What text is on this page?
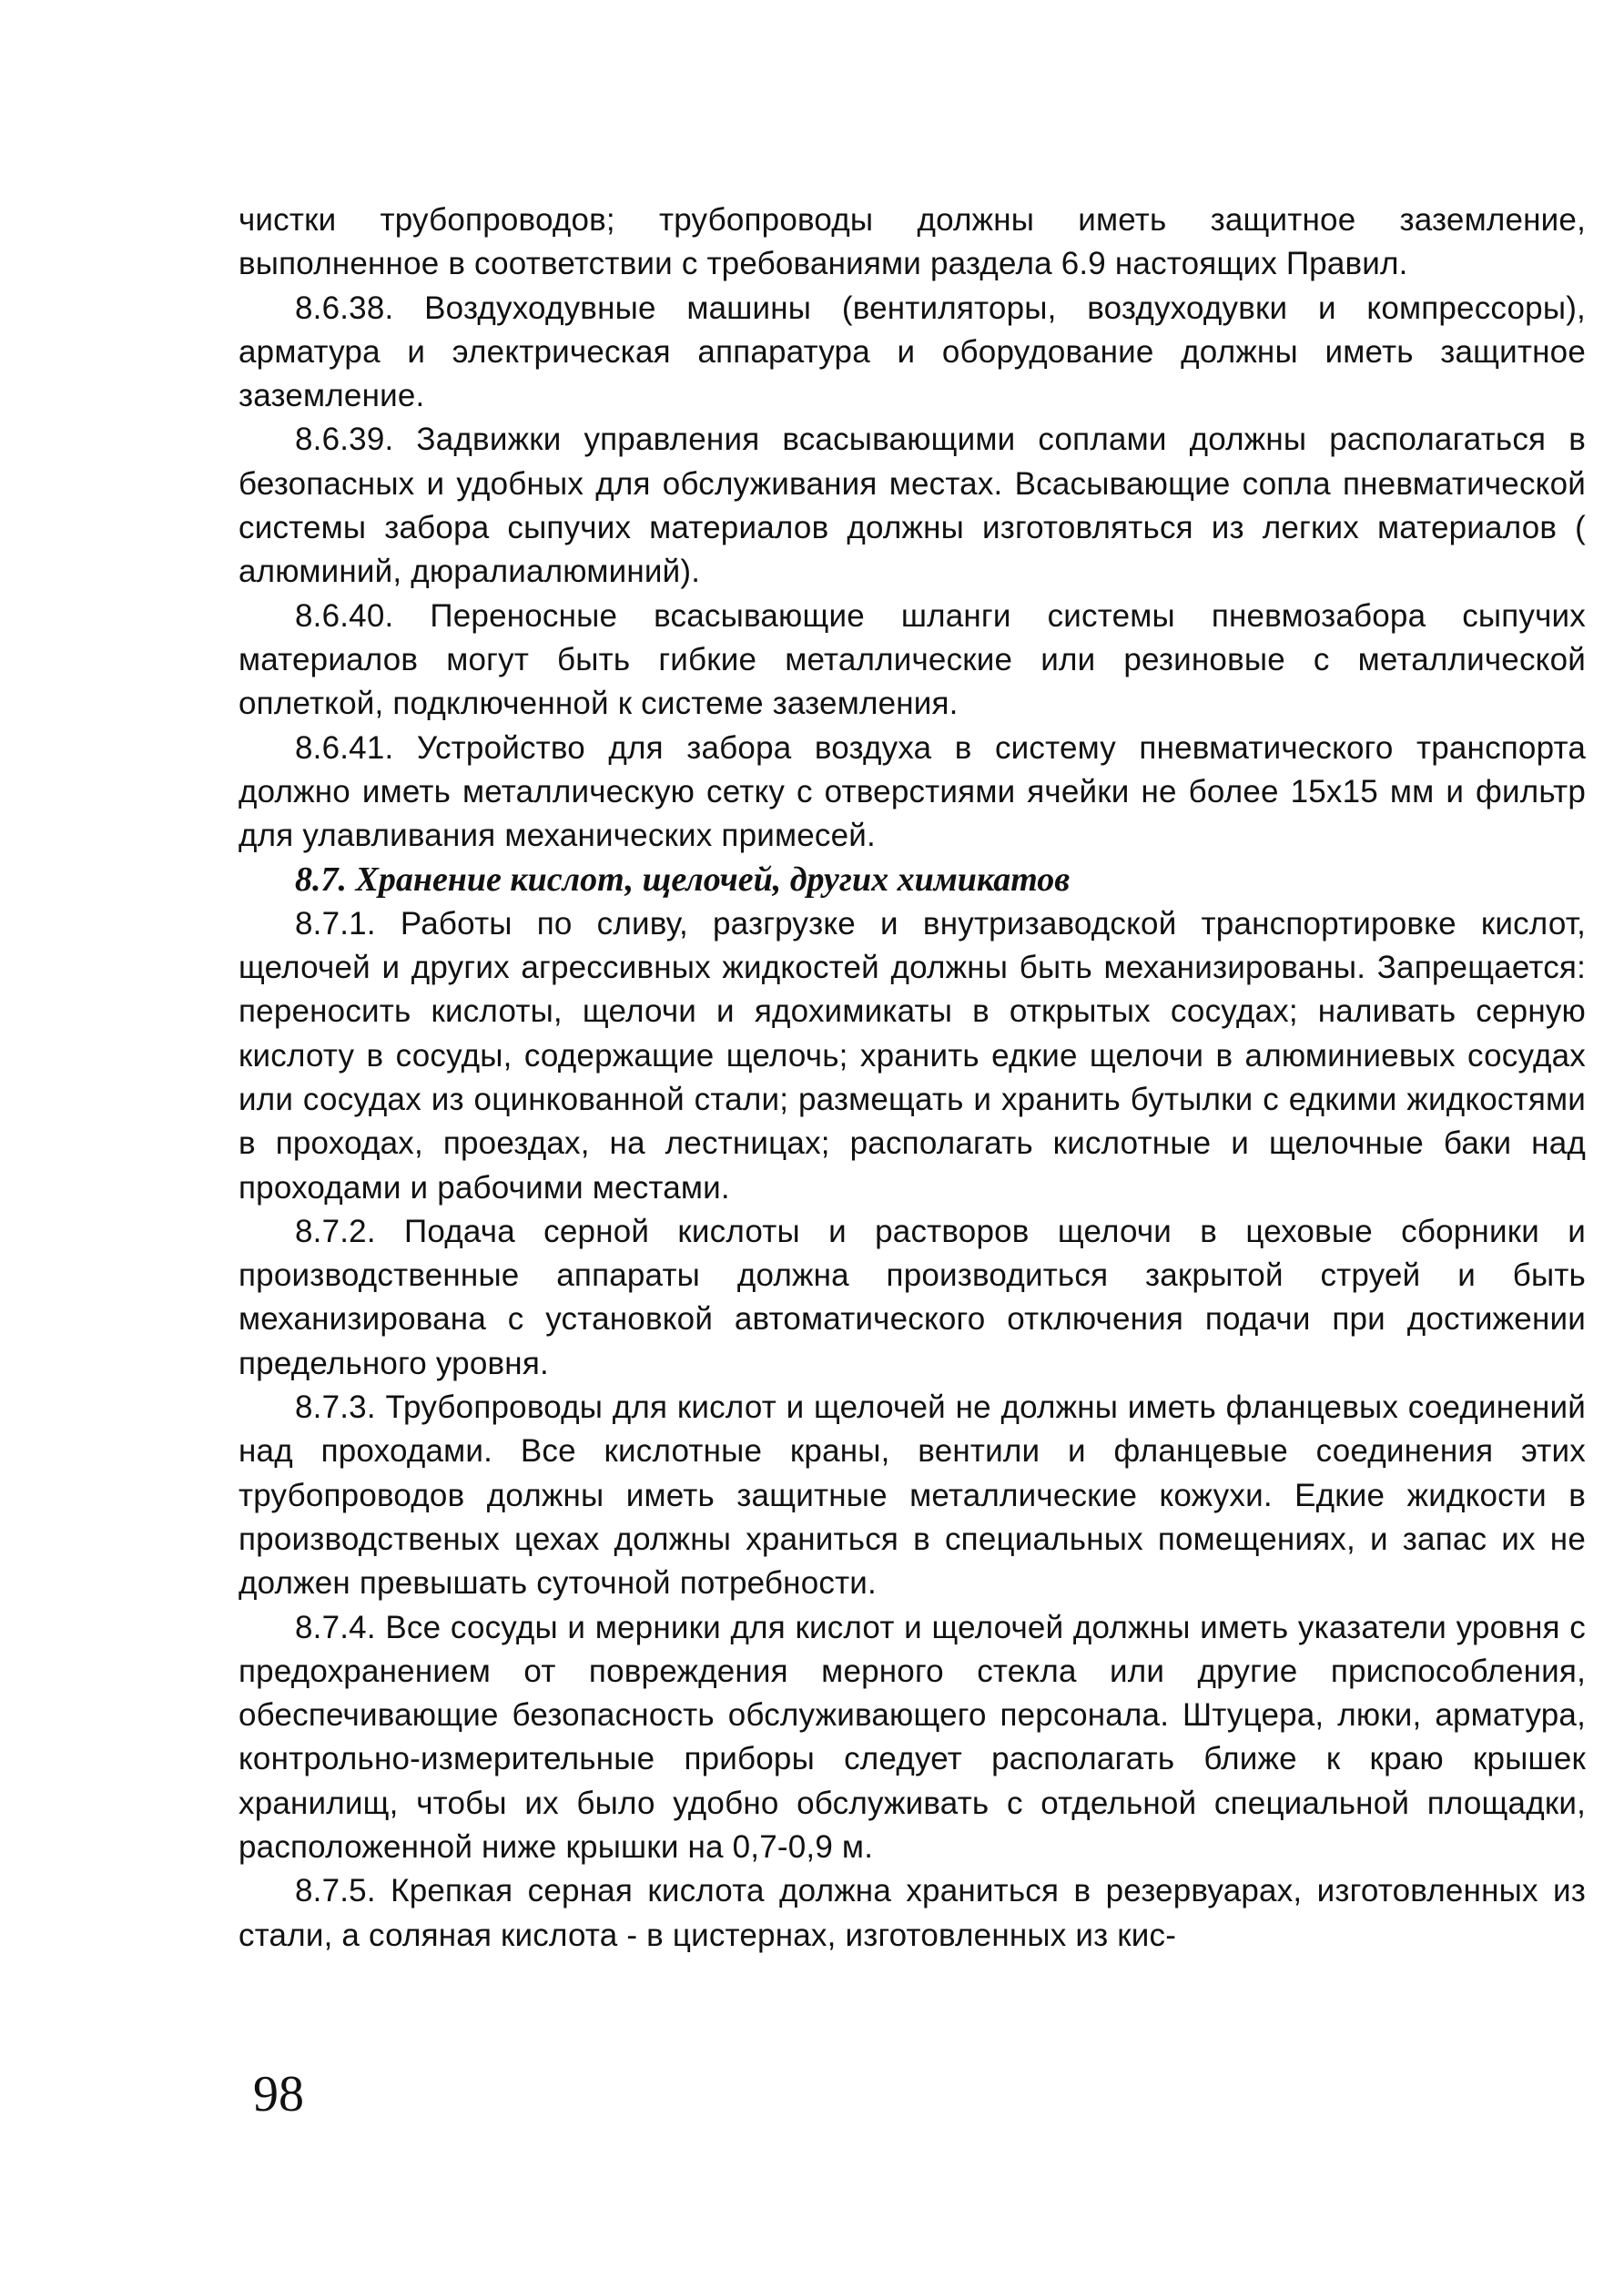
чистки трубопроводов; трубопроводы должны иметь защитное заземление, выполненное в соответствии с требованиями раздела 6.9 настоящих Правил.

8.6.38. Воздуходувные машины (вентиляторы, воздуходувки и компрессоры), арматура и электрическая аппаратура и оборудование должны иметь защитное заземление.

8.6.39. Задвижки управления всасывающими соплами должны располагаться в безопасных и удобных для обслуживания местах. Всасывающие сопла пневматической системы забора сыпучих материалов должны изготовляться из легких материалов ( алюминий, дюралиалюминий).

8.6.40. Переносные всасывающие шланги системы пневмозабора сыпучих материалов могут быть гибкие металлические или резиновые с металлической оплеткой, подключенной к системе заземления.

8.6.41. Устройство для забора воздуха в систему пневматического транспорта должно иметь металлическую сетку с отверстиями ячейки не более 15х15 мм и фильтр для улавливания механических примесей.

8.7. Хранение кислот, щелочей, других химикатов

8.7.1. Работы по сливу, разгрузке и внутризаводской транспортировке кислот, щелочей и других агрессивных жидкостей должны быть механизированы. Запрещается: переносить кислоты, щелочи и ядохимикаты в открытых сосудах; наливать серную кислоту в сосуды, содержащие щелочь; хранить едкие щелочи в алюминиевых сосудах или сосудах из оцинкованной стали; размещать и хранить бутылки с едкими жидкостями в проходах, проездах, на лестницах; располагать кислотные и щелочные баки над проходами и рабочими местами.

8.7.2. Подача серной кислоты и растворов щелочи в цеховые сборники и производственные аппараты должна производиться закрытой струей и быть механизирована с установкой автоматического отключения подачи при достижении предельного уровня.

8.7.3. Трубопроводы для кислот и щелочей не должны иметь фланцевых соединений над проходами. Все кислотные краны, вентили и фланцевые соединения этих трубопроводов должны иметь защитные металлические кожухи. Едкие жидкости в производственых цехах должны храниться в специальных помещениях, и запас их не должен превышать суточной потребности.

8.7.4. Все сосуды и мерники для кислот и щелочей должны иметь указатели уровня с предохранением от повреждения мерного стекла или другие приспособления, обеспечивающие безопасность обслуживающего персонала. Штуцера, люки, арматура, контрольно-измерительные приборы следует располагать ближе к краю крышек хранилищ, чтобы их было удобно обслуживать с отдельной специальной площадки, расположенной ниже крышки на 0,7-0,9 м.

8.7.5. Крепкая серная кислота должна храниться в резервуарах, изготовленных из стали, а соляная кислота - в цистернах, изготовленных из кис-

98
